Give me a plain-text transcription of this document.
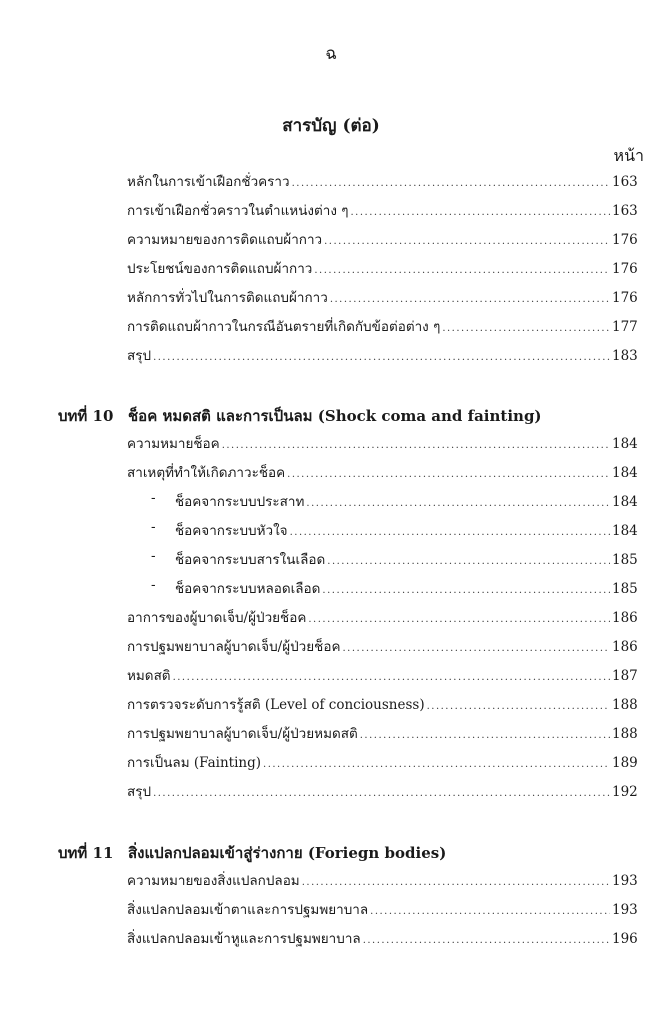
ฉ
สารบัญ (ต่อ)
หน้า
หลักในการเข้าเฝือกชั่วคราว .....	163
การเข้าเฝือกชั่วคราวในตำแหน่งต่าง ๆ .....	163
ความหมายของการติดแถบผ้ากาว .....	176
ประโยชน์ของการติดแถบผ้ากาว .....	176
หลักการทั่วไปในการติดแถบผ้ากาว .....	176
การติดแถบผ้ากาวในกรณีอันตรายที่เกิดกับข้อต่อต่าง ๆ .....	177
สรุป .....	183
บทที่ 10 ช็อค หมดสติ และการเป็นลม (Shock coma and fainting)
ความหมายช็อค .....	184
สาเหตุที่ทำให้เกิดภาวะช็อค .....	184
- ช็อคจากระบบประสาท .....	184
- ช็อคจากระบบหัวใจ .....	184
- ช็อคจากระบบสารในเลือด .....	185
- ช็อคจากระบบหลอดเลือด .....	185
อาการของผู้บาดเจ็บ/ผู้ป่วยช็อค .....	186
การปฐมพยาบาลผู้บาดเจ็บ/ผู้ป่วยช็อค .....	186
หมดสติ .....	187
การตรวจระดับการรู้สติ (Level of conciousness) .....	188
การปฐมพยาบาลผู้บาดเจ็บ/ผู้ป่วยหมดสติ .....	188
การเป็นลม (Fainting) .....	189
สรุป .....	192
บทที่ 11 สิ่งแปลกปลอมเข้าสู่ร่างกาย (Foriegn bodies)
ความหมายของสิ่งแปลกปลอม .....	193
สิ่งแปลกปลอมเข้าตาและการปฐมพยาบาล .....	193
สิ่งแปลกปลอมเข้าหูและการปฐมพยาบาล .....	196
